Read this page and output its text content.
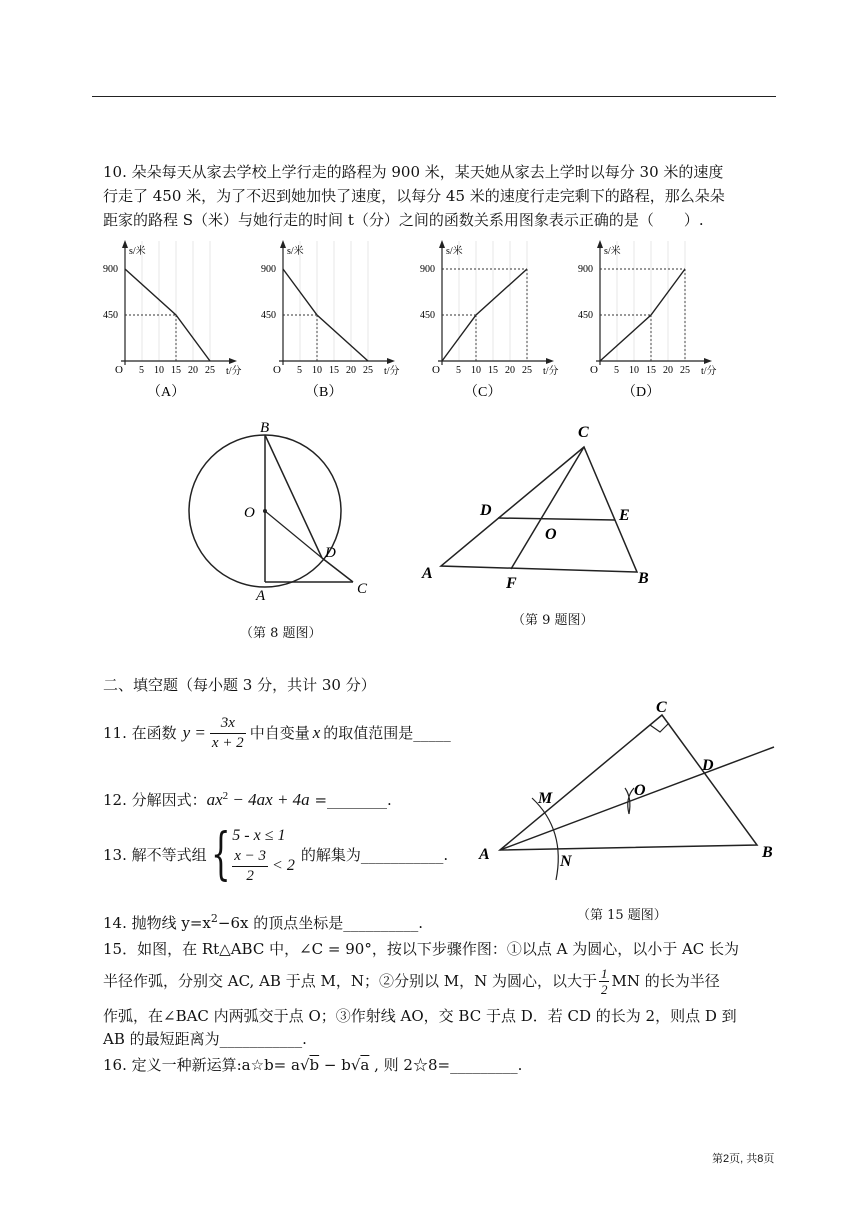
10. 朵朵每天从家去学校上学行走的路程为 900 米，某天她从家去上学时以每分 30 米的速度
行走了 450 米，为了不迟到她加快了速度，以每分 45 米的速度行走完剩下的路程，那么朵朵
距家的路程 S（米）与她行走的时间 t（分）之间的函数关系用图象表示正确的是（　　）.
s/米
t/分
O 5 10 15 20 25
450
900
（A）
s/米
t/分
O 5 10 15 20 25
450
900
（B）
s/米
t/分
O 5 10 15 20 25
450
900
（C）
s/米
t/分
O 5 10 15 20 25
450
900
（D）
B
O
D
A	C
（第 8 题图）
C
D	E
O
A
F	B
（第 9 题图）
二、填空题（每小题 3 分，共计 30 分）
11. 在函数 $y = \frac{3x}{x + 2}$ 中自变量 x 的取值范围是_____
12. 分解因式：$ax^2 - 4ax + 4a$ =________.
13. 解不等式组 { 5 - x ≤ 1
$\frac{x - 3}{2} < 2$
的解集为___________.
14. 抛物线 $y=x^2-6x$ 的顶点坐标是__________.
C
D
M	O
A	N
B
（第 15 题图）
15．如图，在 Rt△ABC 中，∠C = 90°，按以下步骤作图：①以点 A 为圆心，以小于 AC 长为
半径作弧，分别交 AC, AB 于点 M，N；②分别以 M，N 为圆心，以大于 $\frac{1}{2}$ MN 的长为半径
作弧，在∠BAC 内两弧交于点 O；③作射线 AO，交 BC 于点 D．若 CD 的长为 2，则点 D 到
AB 的最短距离为___________.
16. 定义一种新运算:a☆b= a√b − b√a , 则 2☆8=_________.
第2页, 共8页
